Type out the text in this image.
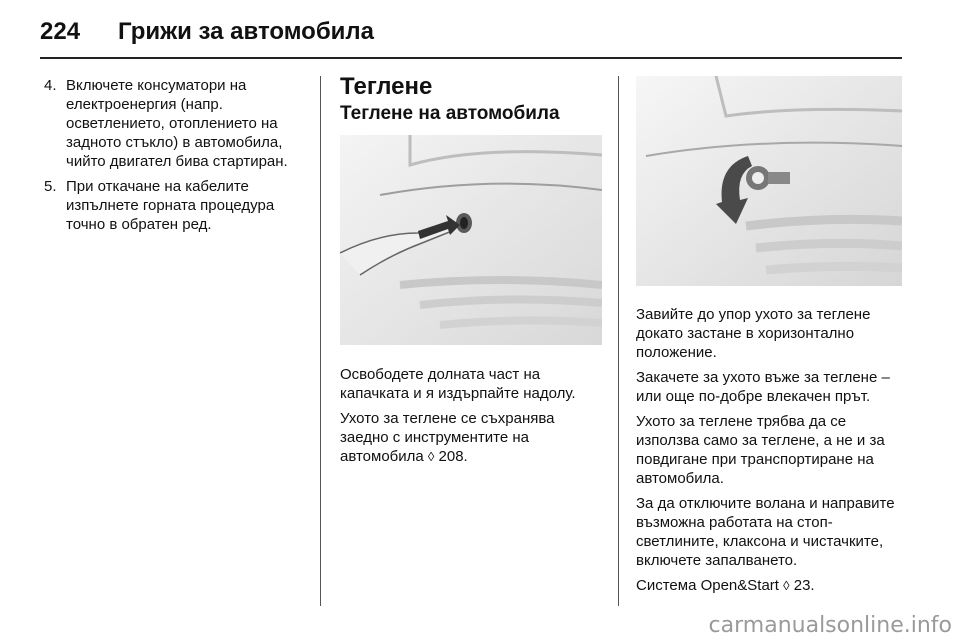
224 Грижи за автомобила
4. Включете консуматори на електроенергия (напр. осветлението, отоплението на задното стъкло) в автомобила, чийто двигател бива стартиран.
5. При откачане на кабелите изпълнете горната процедура точно в обратен ред.
Теглене
Теглене на автомобила

Освободете долната част на капачката и я издърпайте надолу.

Ухото за теглене се съхранява заедно с инструментите на автомобила ◊ 208.

Завийте до упор ухото за теглене докато застане в хоризонтално положение.

Закачете за ухото въже за теглене – или още по-добре влекачен прът.

Ухото за теглене трябва да се използва само за теглене, а не и за повдигане при транспортиране на автомобила.

За да отключите волана и направите възможна работата на стоп-светлините, клаксона и чистачките, включете запалването.

Система Open&Start ◊ 23.

carmanualsonline.info
